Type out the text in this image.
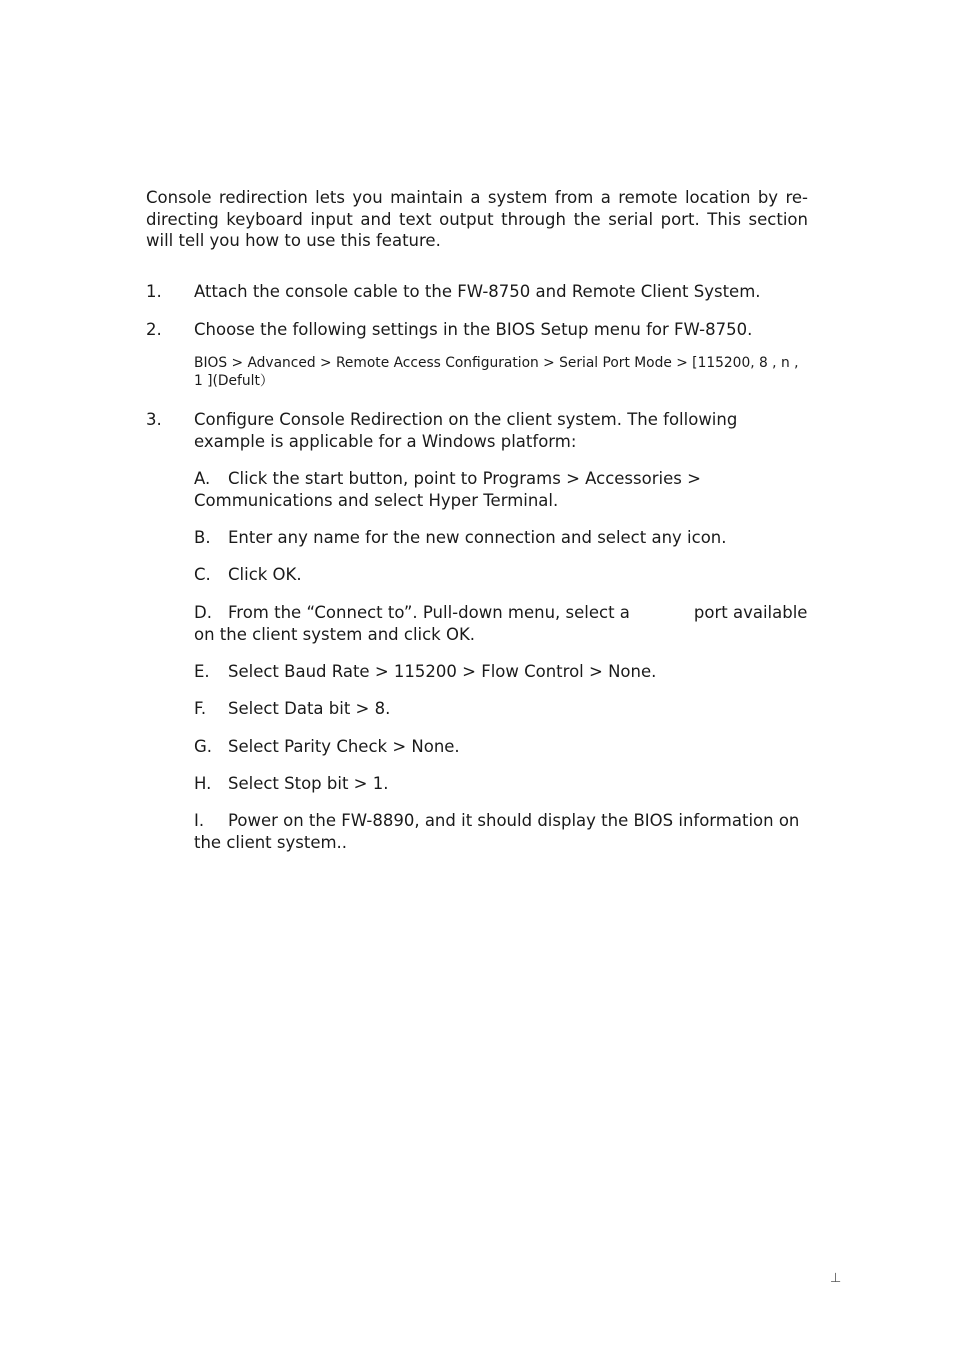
Console redirection lets you maintain a system from a remote location by re-directing keyboard input and text output through the serial port. This section will tell you how to use this feature.

1. Attach the console cable to the FW-8750 and Remote Client System.
2. Choose the following settings in the BIOS Setup menu for FW-8750.
BIOS > Advanced > Remote Access Configuration > Serial Port Mode > [115200, 8 , n , 1 ](Defult）
3. Configure Console Redirection on the client system. The following example is applicable for a Windows platform:
A. Click the start button, point to Programs > Accessories > Communications and select Hyper Terminal.
B. Enter any name for the new connection and select any icon.
C. Click OK.
D. From the “Connect to”. Pull-down menu, select a	port available on the client system and click OK.
E. Select Baud Rate > 115200 > Flow Control > None.
F. Select Data bit > 8.
G. Select Parity Check > None.
H. Select Stop bit > 1.
I. Power on the FW-8890, and it should display the BIOS information on the client system..
⊥
